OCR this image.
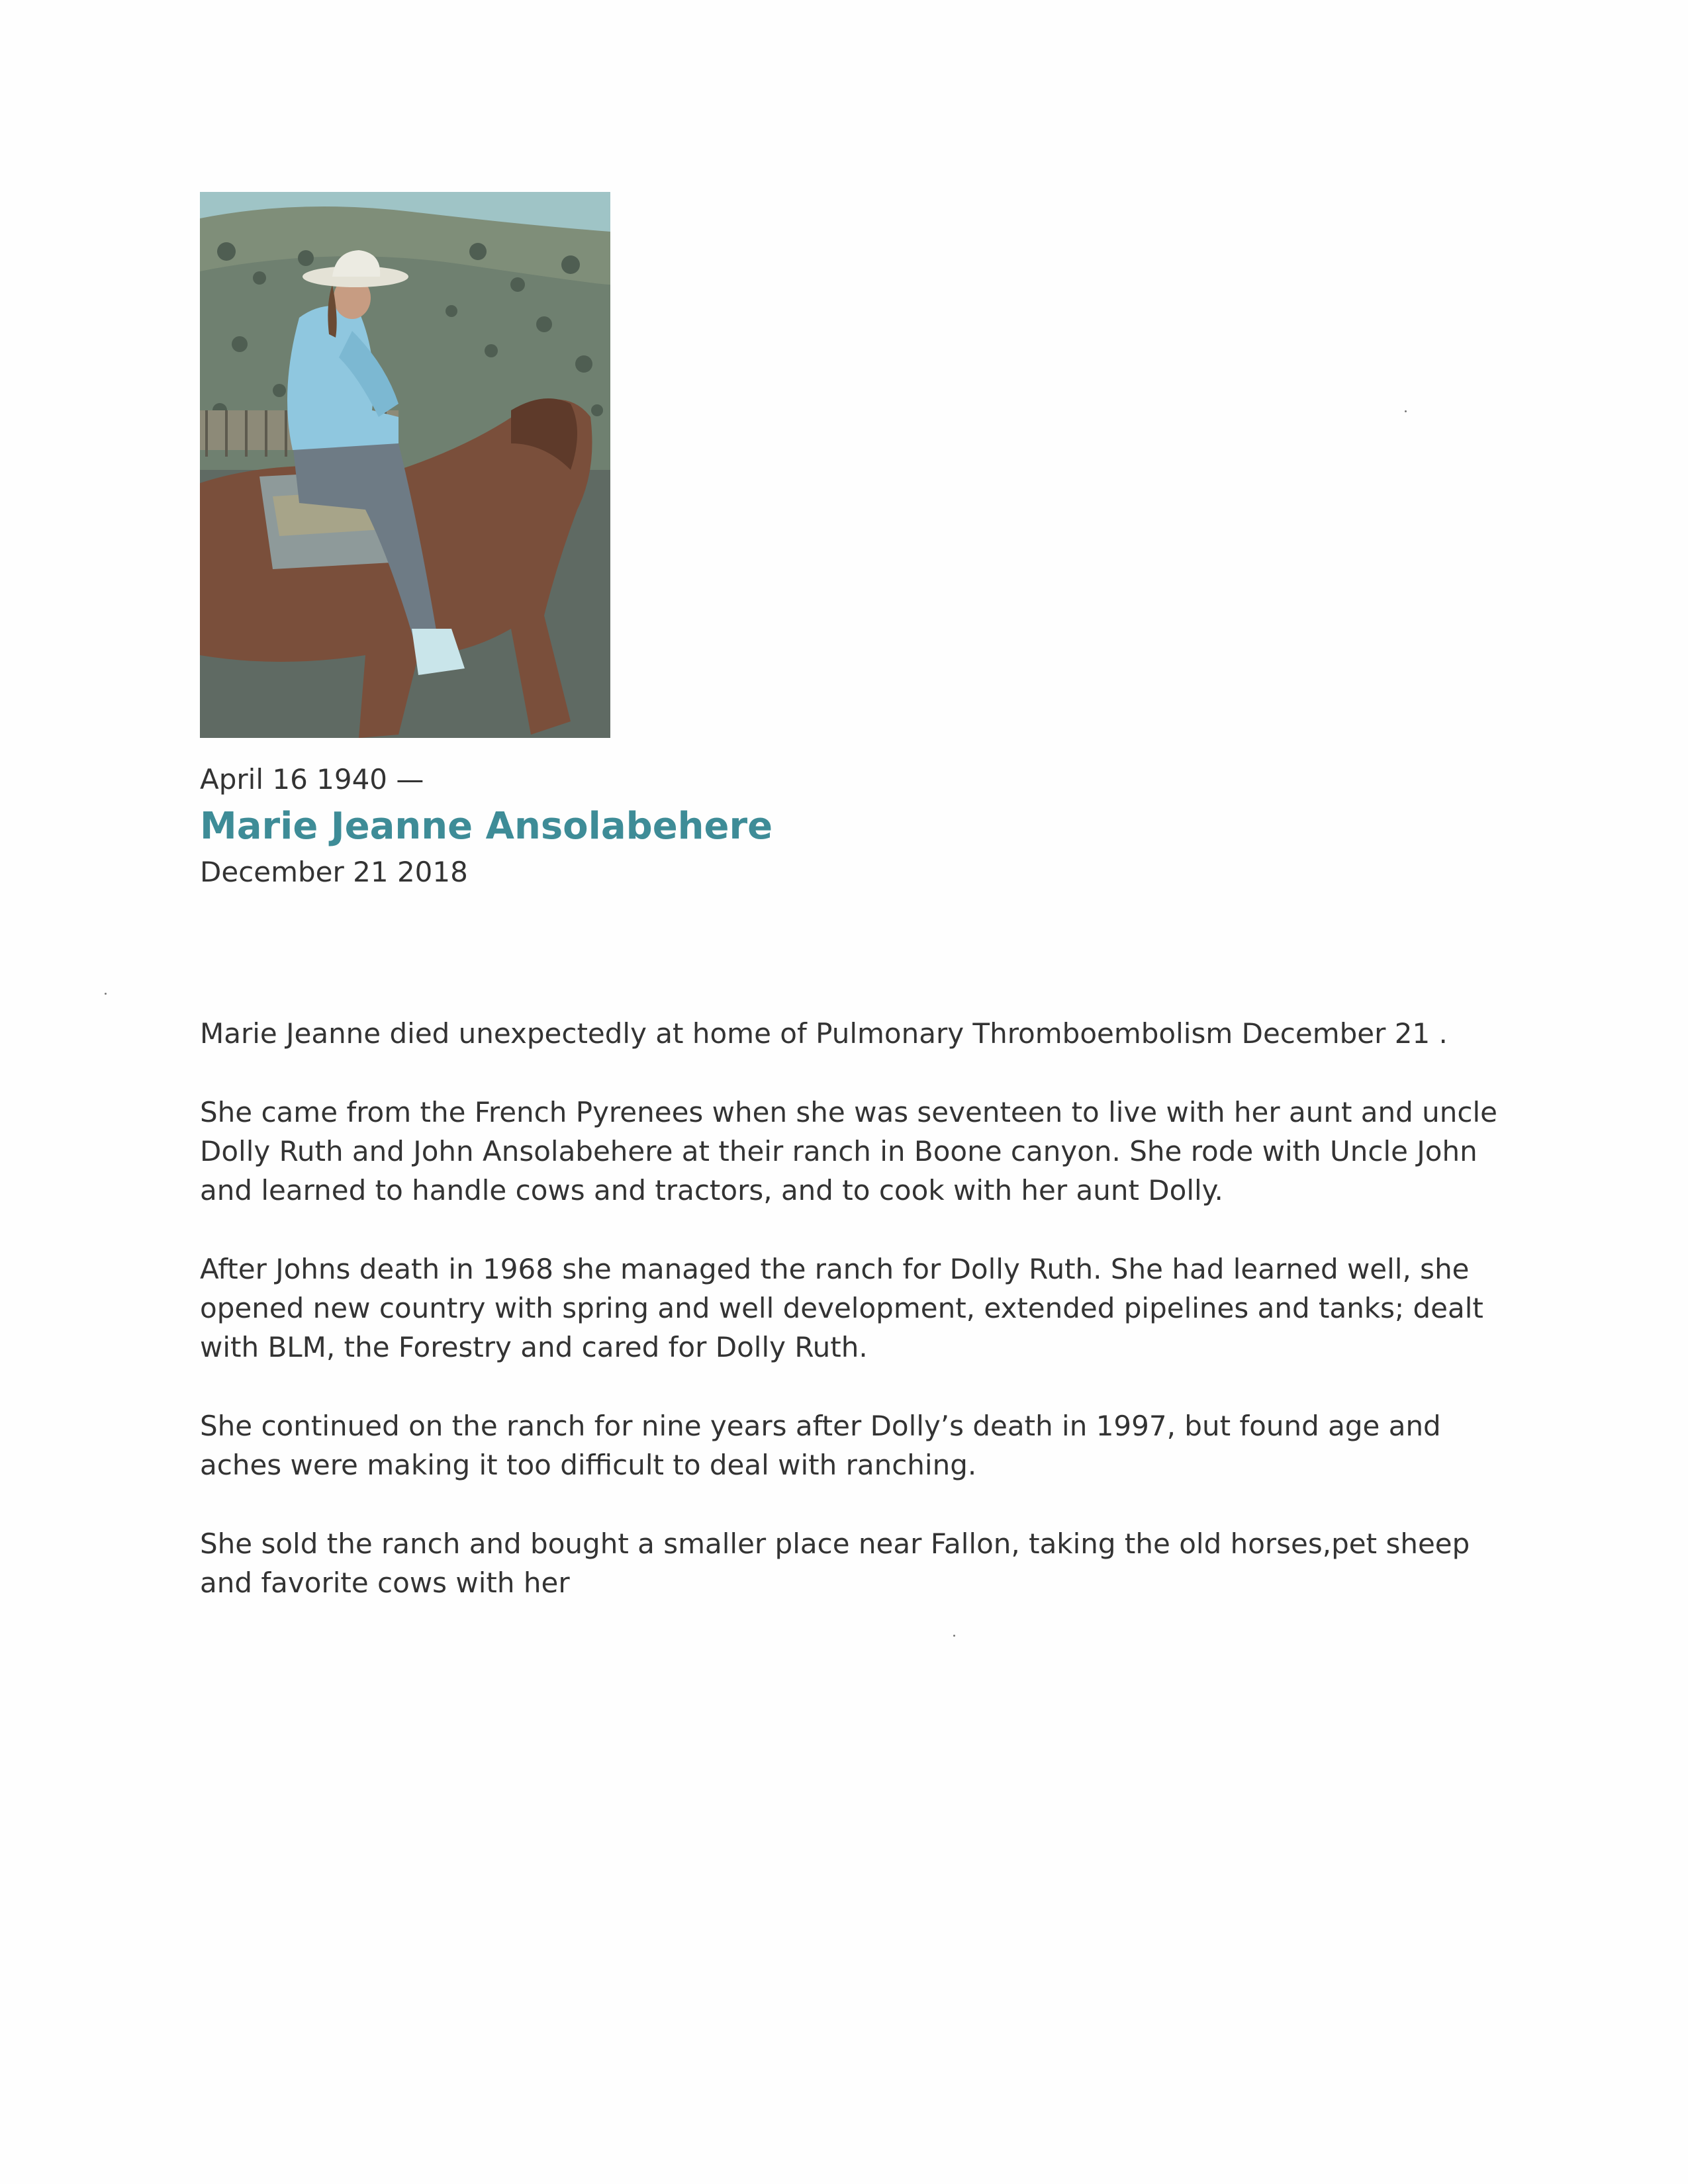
April 16 1940 —
Marie Jeanne Ansolabehere
December 21 2018

Marie Jeanne died unexpectedly at home of Pulmonary Thromboembolism December 21 .

She came from the French Pyrenees when she was seventeen to live with her aunt and uncle Dolly Ruth and John Ansolabehere at their ranch in Boone canyon. She rode with Uncle John and learned to handle cows and tractors, and to cook with her aunt Dolly.

After Johns death in 1968 she managed the ranch for Dolly Ruth. She had learned well, she opened new country with spring and well development, extended pipelines and tanks; dealt with BLM, the Forestry and cared for Dolly Ruth.

She continued on the ranch for nine years after Dolly’s death in 1997, but found age and aches were making it too difficult to deal with ranching.

She sold the ranch and bought a smaller place near Fallon, taking the old horses,pet sheep and favorite cows with her
